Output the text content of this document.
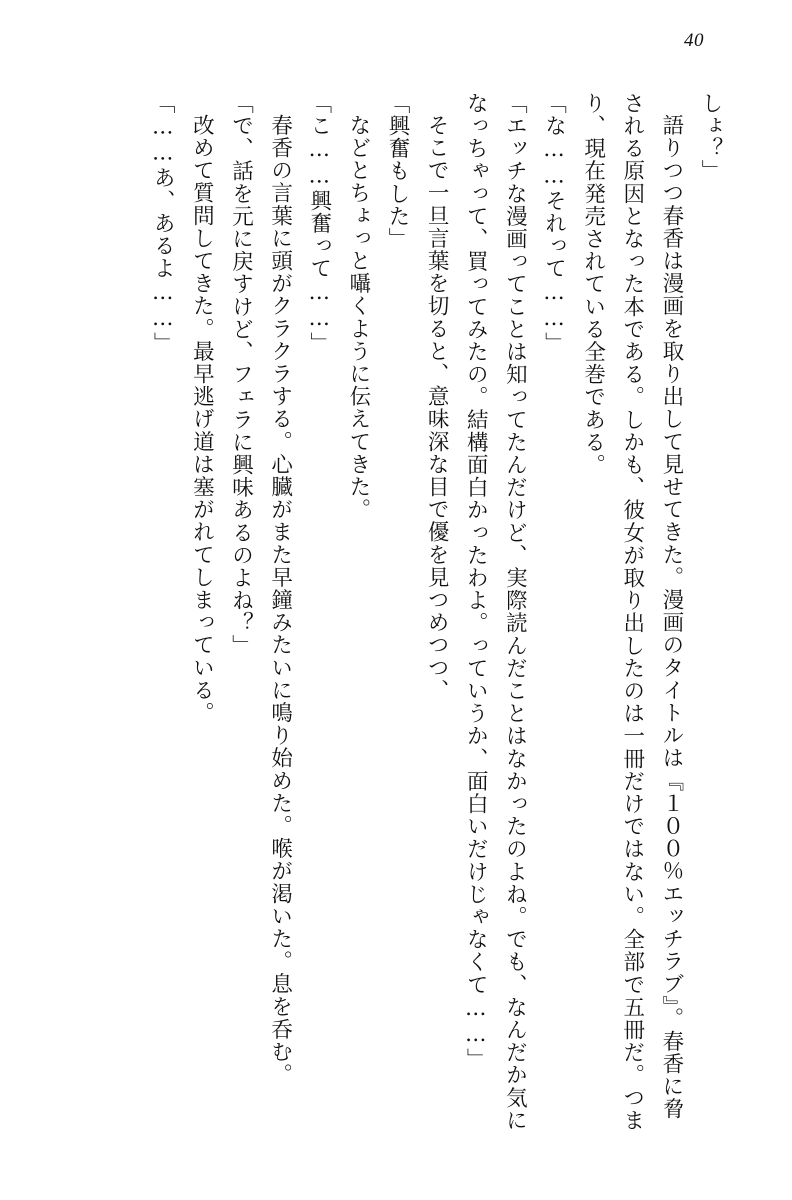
40

しょ？」

語りつつ春香は漫画を取り出して見せてきた。漫画のタイトルは『１００％エッチラブ』。春香に脅される原因となった本である。しかも、彼女が取り出したのは一冊だけではない。全部で五冊だ。つまり、現在発売されている全巻である。

「な……それって……」

「エッチな漫画ってことは知ってたんだけど、実際読んだことはなかったのよね。でも、なんだか気になっちゃって、買ってみたの。結構面白かったわよ。っていうか、面白いだけじゃなくて……」

そこで一旦言葉を切ると、意味深な目で優を見つめつつ、

「興奮もした」

などとちょっと囁くように伝えてきた。

「こ……興奮って……」

春香の言葉に頭がクラクラする。心臓がまた早鐘みたいに鳴り始めた。喉が渇いた。息を呑む。

「で、話を元に戻すけど、フェラに興味あるのよね？」

改めて質問してきた。最早逃げ道は塞がれてしまっている。

「……あ、あるよ……」
